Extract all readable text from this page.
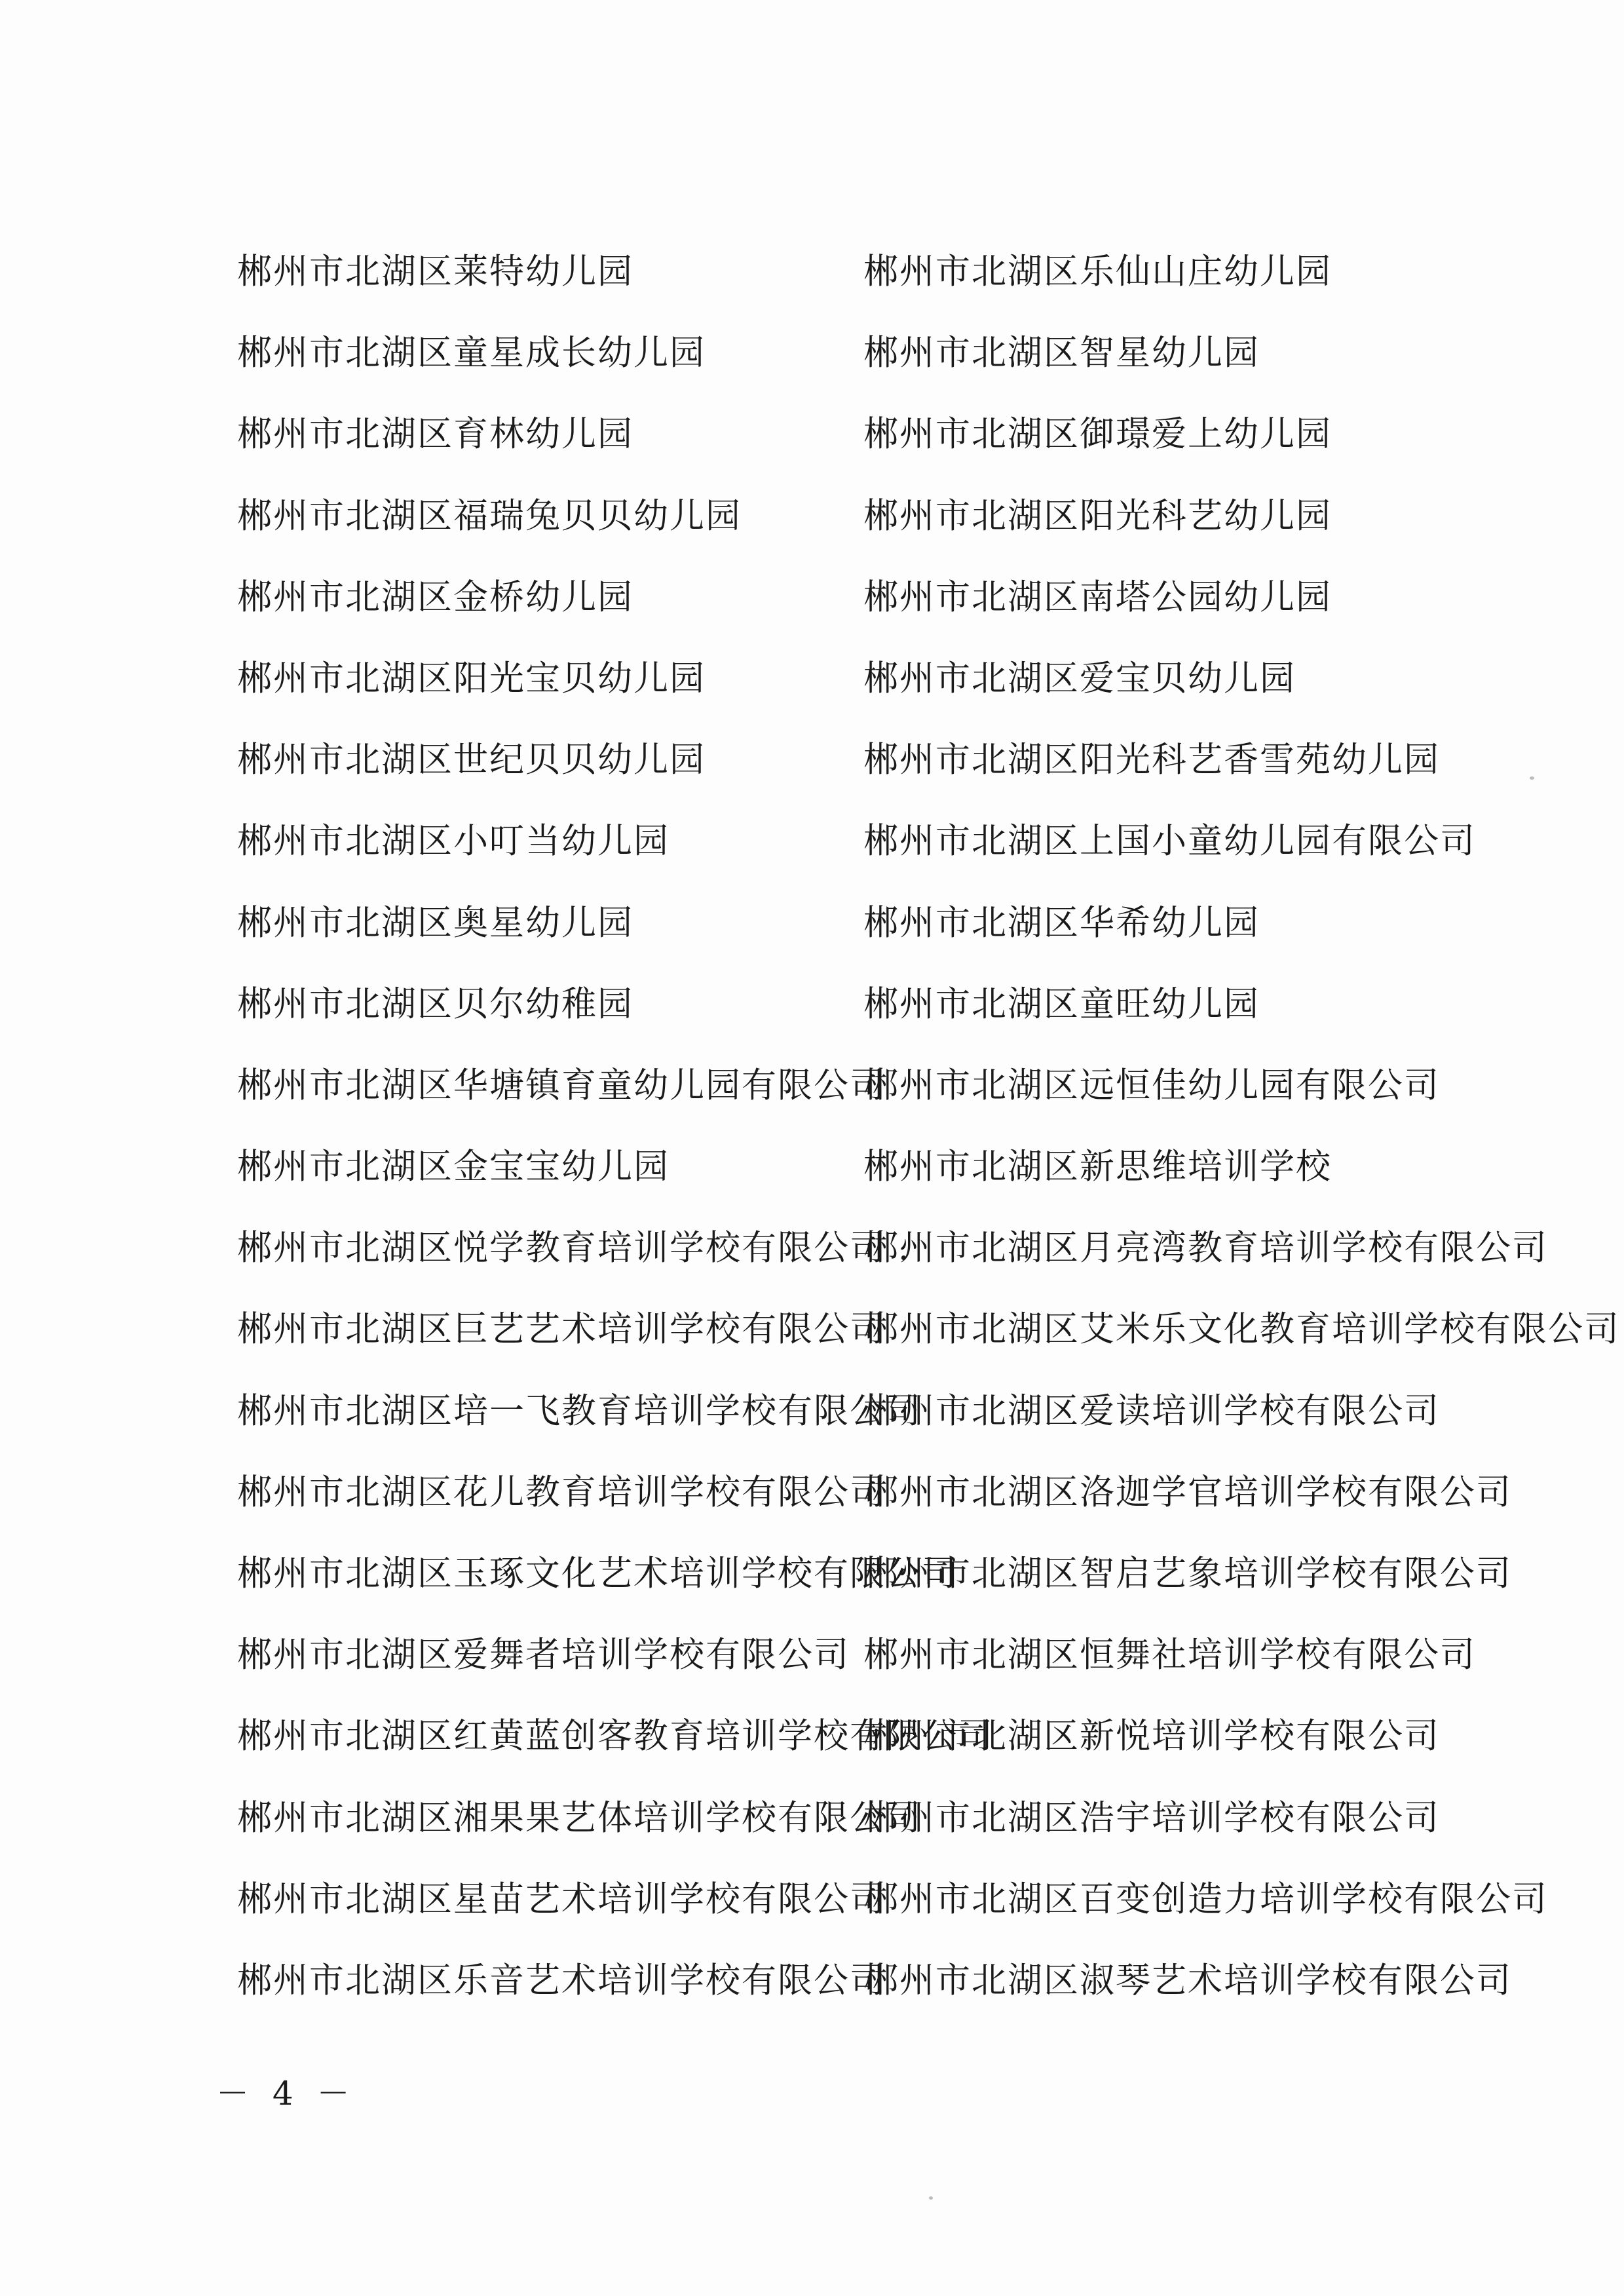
郴州市北湖区莱特幼儿园
郴州市北湖区童星成长幼儿园
郴州市北湖区育林幼儿园
郴州市北湖区福瑞兔贝贝幼儿园
郴州市北湖区金桥幼儿园
郴州市北湖区阳光宝贝幼儿园
郴州市北湖区世纪贝贝幼儿园
郴州市北湖区小叮当幼儿园
郴州市北湖区奥星幼儿园
郴州市北湖区贝尔幼稚园
郴州市北湖区华塘镇育童幼儿园有限公司
郴州市北湖区金宝宝幼儿园
郴州市北湖区悦学教育培训学校有限公司 .
郴州市北湖区巨艺艺术培训学校有限公司
郴州市北湖区培一飞教育培训学校有限公司
郴州市北湖区花儿教育培训学校有限公司
郴州市北湖区玉琢文化艺术培训学校有限公司
郴州市北湖区爱舞者培训学校有限公司
郴州市北湖区红黄蓝创客教育培训学校有限公司
郴州市北湖区湘果果艺体培训学校有限公司
郴州市北湖区星苗艺术培训学校有限公司
郴州市北湖区乐音艺术培训学校有限公司
郴州市北湖区乐仙山庄幼儿园
郴州市北湖区智星幼儿园
郴州市北湖区御璟爱上幼儿园
郴州市北湖区阳光科艺幼儿园
郴州市北湖区南塔公园幼儿园
郴州市北湖区爱宝贝幼儿园
郴州市北湖区阳光科艺香雪苑幼儿园
郴州市北湖区上国小童幼儿园有限公司
郴州市北湖区华希幼儿园
郴州市北湖区童旺幼儿园
郴州市北湖区远恒佳幼儿园有限公司
郴州市北湖区新思维培训学校
郴州市北湖区月亮湾教育培训学校有限公司
郴州市北湖区艾米乐文化教育培训学校有限公司
郴州市北湖区爱读培训学校有限公司
郴州市北湖区洛迦学官培训学校有限公司
郴州市北湖区智启艺象培训学校有限公司
郴州市北湖区恒舞社培训学校有限公司
郴州市北湖区新悦培训学校有限公司
郴州市北湖区浩宇培训学校有限公司
郴州市北湖区百变创造力培训学校有限公司
郴州市北湖区淑琴艺术培训学校有限公司
－ 4 －
